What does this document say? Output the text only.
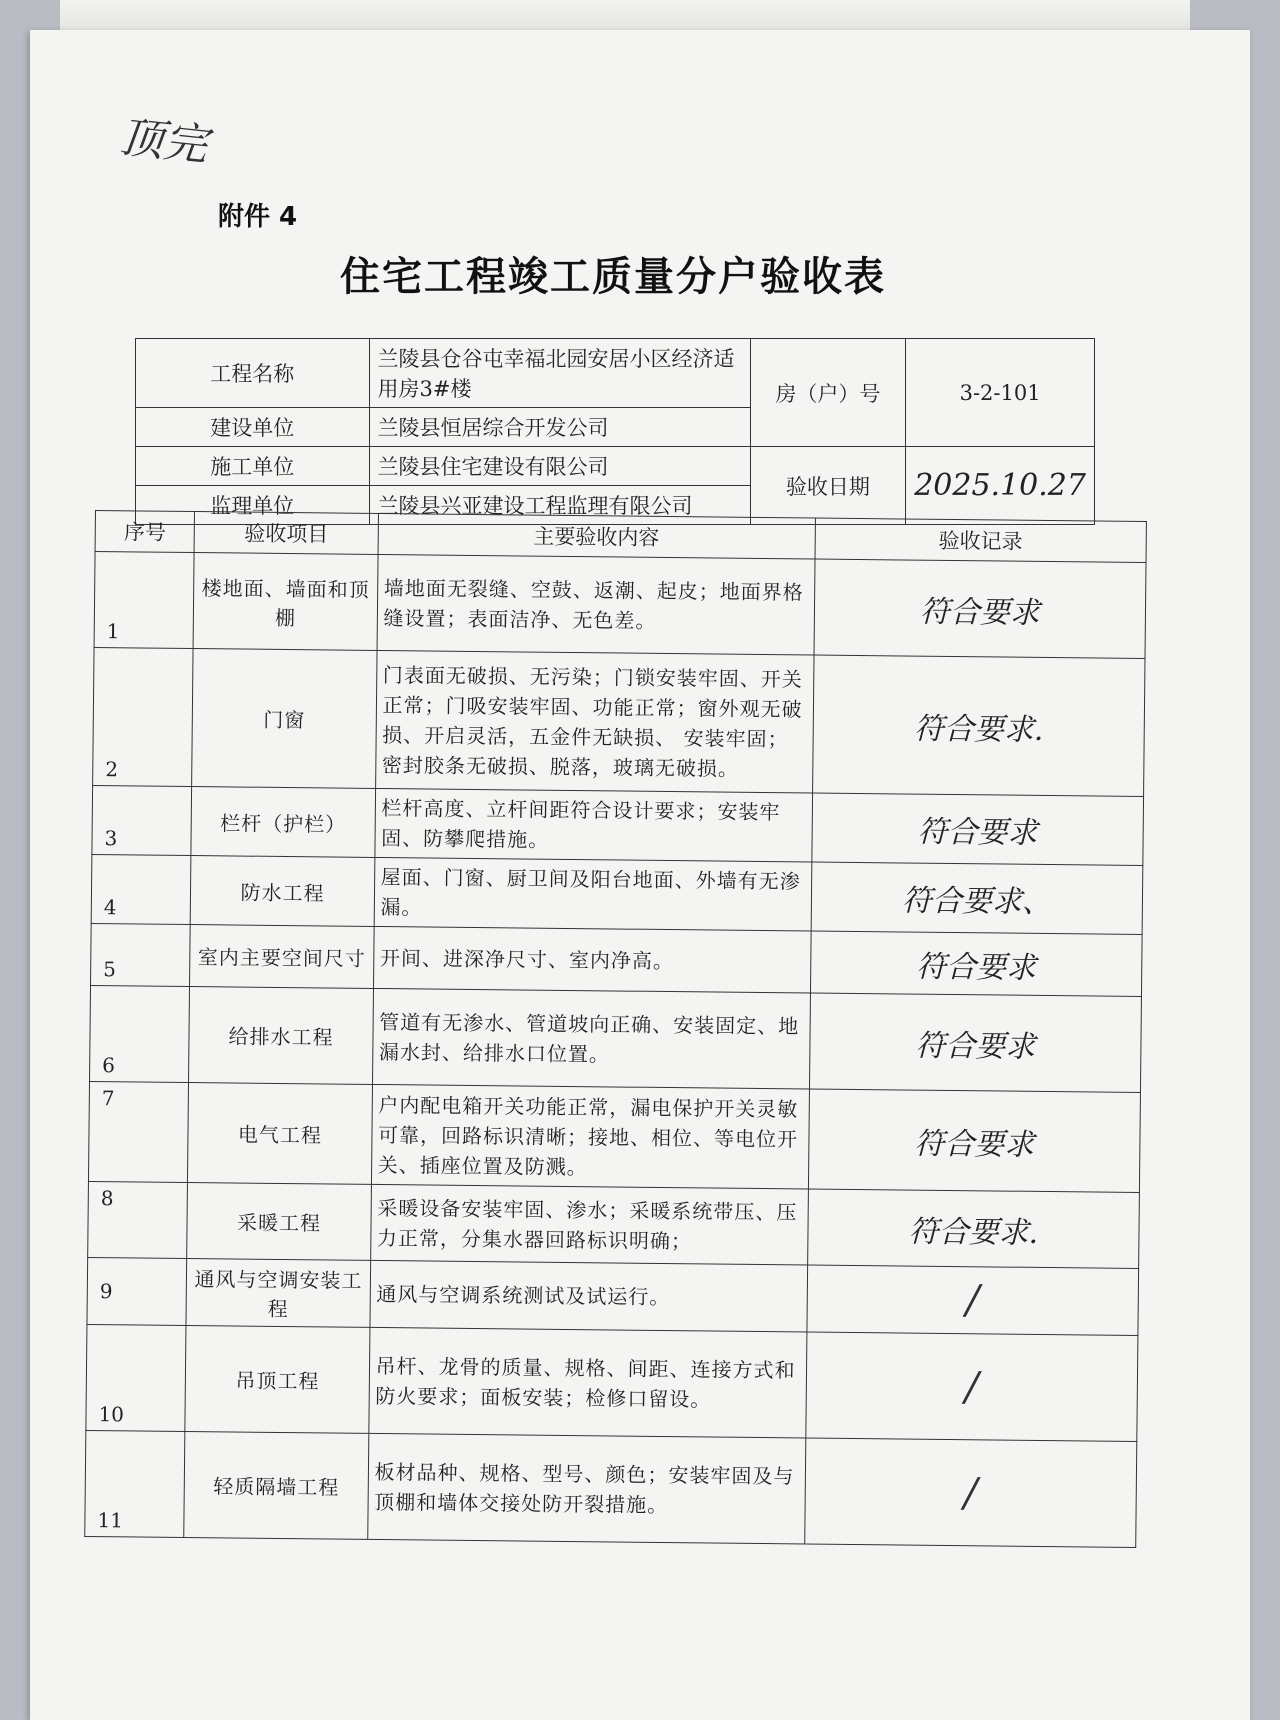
顶完
附件 4
住宅工程竣工质量分户验收表
工程名称	兰陵县仓谷屯幸福北园安居小区经济适用房3#楼	房（户）号	3-2-101
建设单位	兰陵县恒居综合开发公司		
施工单位	兰陵县住宅建设有限公司	验收日期	2025.10.27
监理单位	兰陵县兴亚建设工程监理有限公司		
序号	验收项目	主要验收内容	验收记录
1	楼地面、墙面和顶棚	墙地面无裂缝、空鼓、返潮、起皮；地面界格缝设置；表面洁净、无色差。	符合要求
2	门窗	门表面无破损、无污染；门锁安装牢固、开关正常；门吸安装牢固、功能正常；窗外观无破损、开启灵活，五金件无缺损、 安装牢固；密封胶条无破损、脱落，玻璃无破损。	符合要求.
3	栏杆（护栏）	栏杆高度、立杆间距符合设计要求；安装牢固、防攀爬措施。	符合要求
4	防水工程	屋面、门窗、厨卫间及阳台地面、外墙有无渗漏。	符合要求、
5	室内主要空间尺寸	开间、进深净尺寸、室内净高。	符合要求
6	给排水工程	管道有无渗水、管道坡向正确、安装固定、地漏水封、给排水口位置。	符合要求
7	电气工程	户内配电箱开关功能正常，漏电保护开关灵敏可靠，回路标识清晰；接地、相位、等电位开关、插座位置及防溅。	符合要求
8	采暖工程	采暖设备安装牢固、渗水；采暖系统带压、压力正常，分集水器回路标识明确；	符合要求.
9	通风与空调安装工程	通风与空调系统测试及试运行。	/
10	吊顶工程	吊杆、龙骨的质量、规格、间距、连接方式和防火要求；面板安装；检修口留设。	/
11	轻质隔墙工程	板材品种、规格、型号、颜色；安装牢固及与顶棚和墙体交接处防开裂措施。	/
